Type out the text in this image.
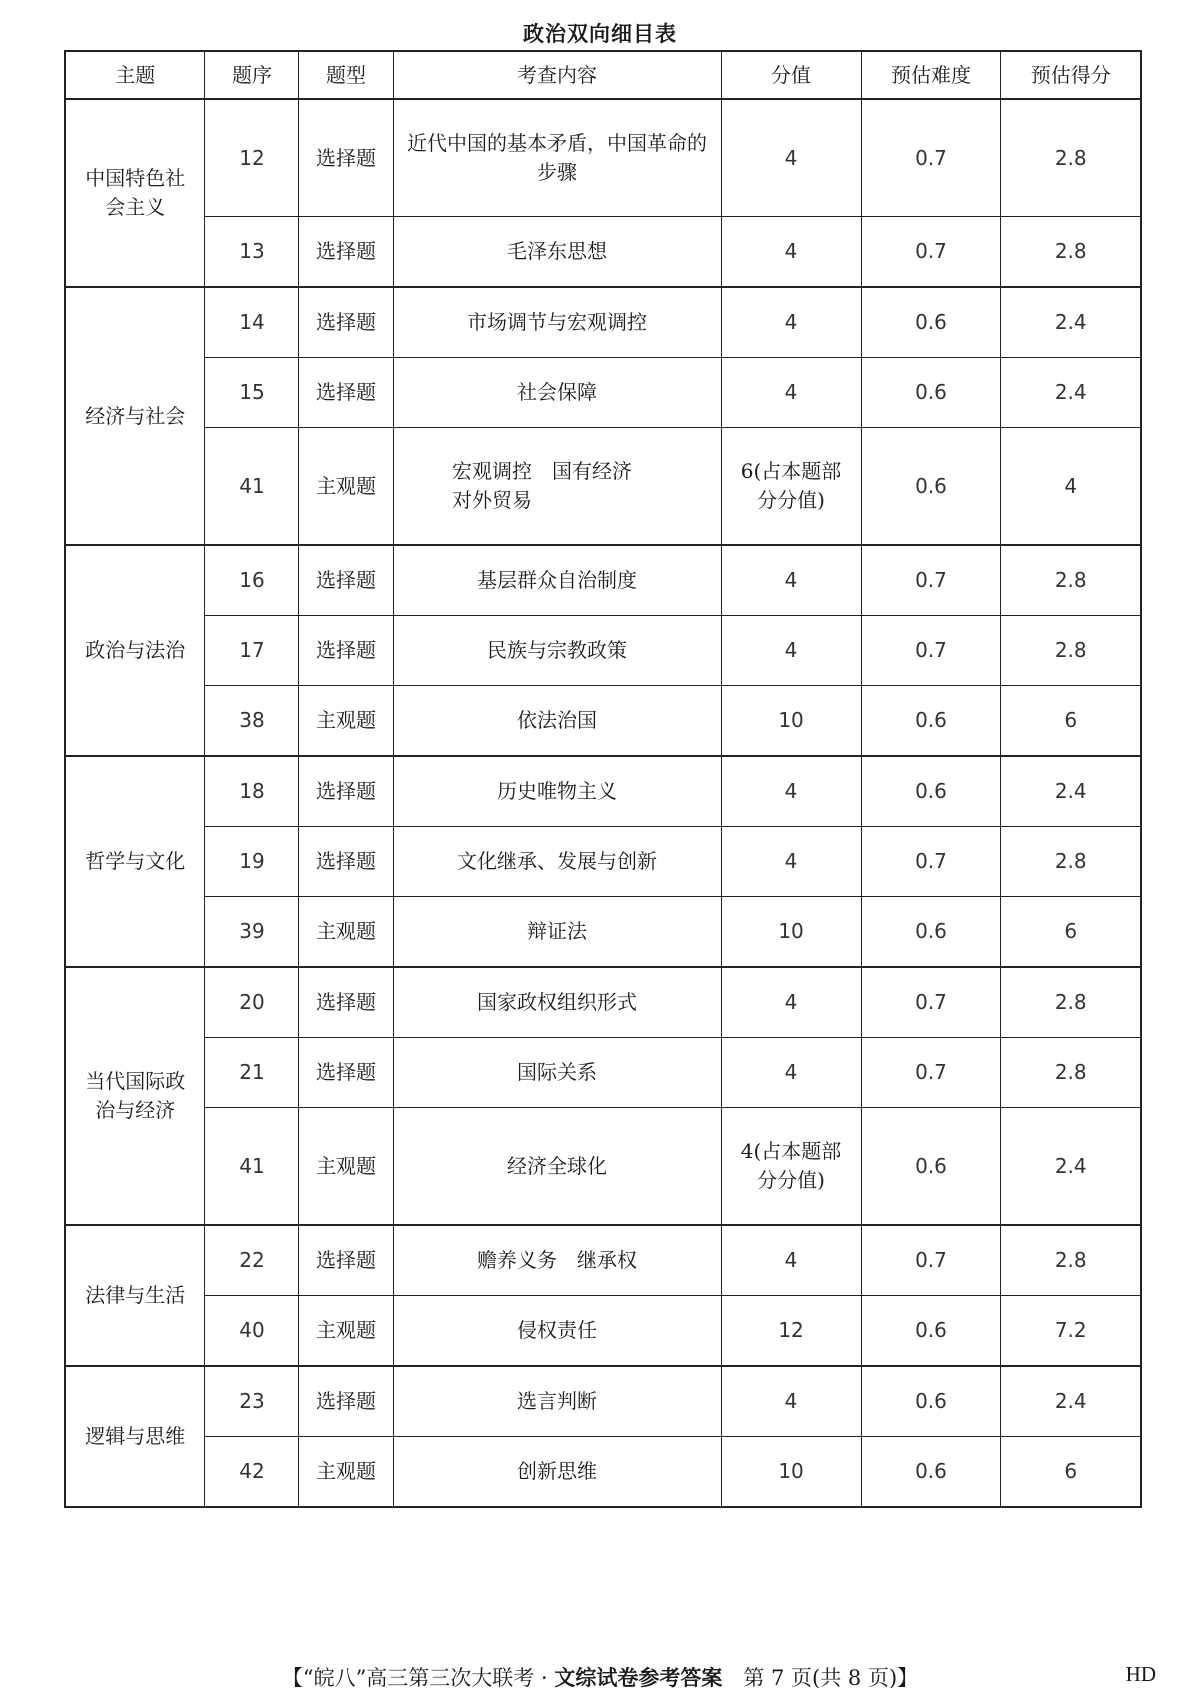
政治双向细目表
主题	题序	题型	考查内容	分值	预估难度	预估得分

中国特色社会主义	12	选择题	近代中国的基本矛盾，中国革命的步骤	4	0.7	2.8
	13	选择题	毛泽东思想	4	0.7	2.8
经济与社会	14	选择题	市场调节与宏观调控	4	0.6	2.4
	15	选择题	社会保障	4	0.6	2.4
	41	主观题	宏观调控　国有经济　对外贸易	6(占本题部分分值)	0.6	4
政治与法治	16	选择题	基层群众自治制度	4	0.7	2.8
	17	选择题	民族与宗教政策	4	0.7	2.8
	38	主观题	依法治国	10	0.6	6
哲学与文化	18	选择题	历史唯物主义	4	0.6	2.4
	19	选择题	文化继承、发展与创新	4	0.7	2.8
	39	主观题	辩证法	10	0.6	6

当代国际政治与经济	20	选择题	国家政权组织形式	4	0.7	2.8
	21	选择题	国际关系	4	0.7	2.8
	41	主观题	经济全球化	4(占本题部分分值)	0.6	2.4
法律与生活	22	选择题	赡养义务　继承权	4	0.7	2.8
	40	主观题	侵权责任	12	0.6	7.2
逻辑与思维	23	选择题	选言判断	4	0.6	2.4
	42	主观题	创新思维	10	0.6	6
【“皖八”高三第三次大联考 · 文综试卷参考答案　第 7 页(共 8 页)】	HD
